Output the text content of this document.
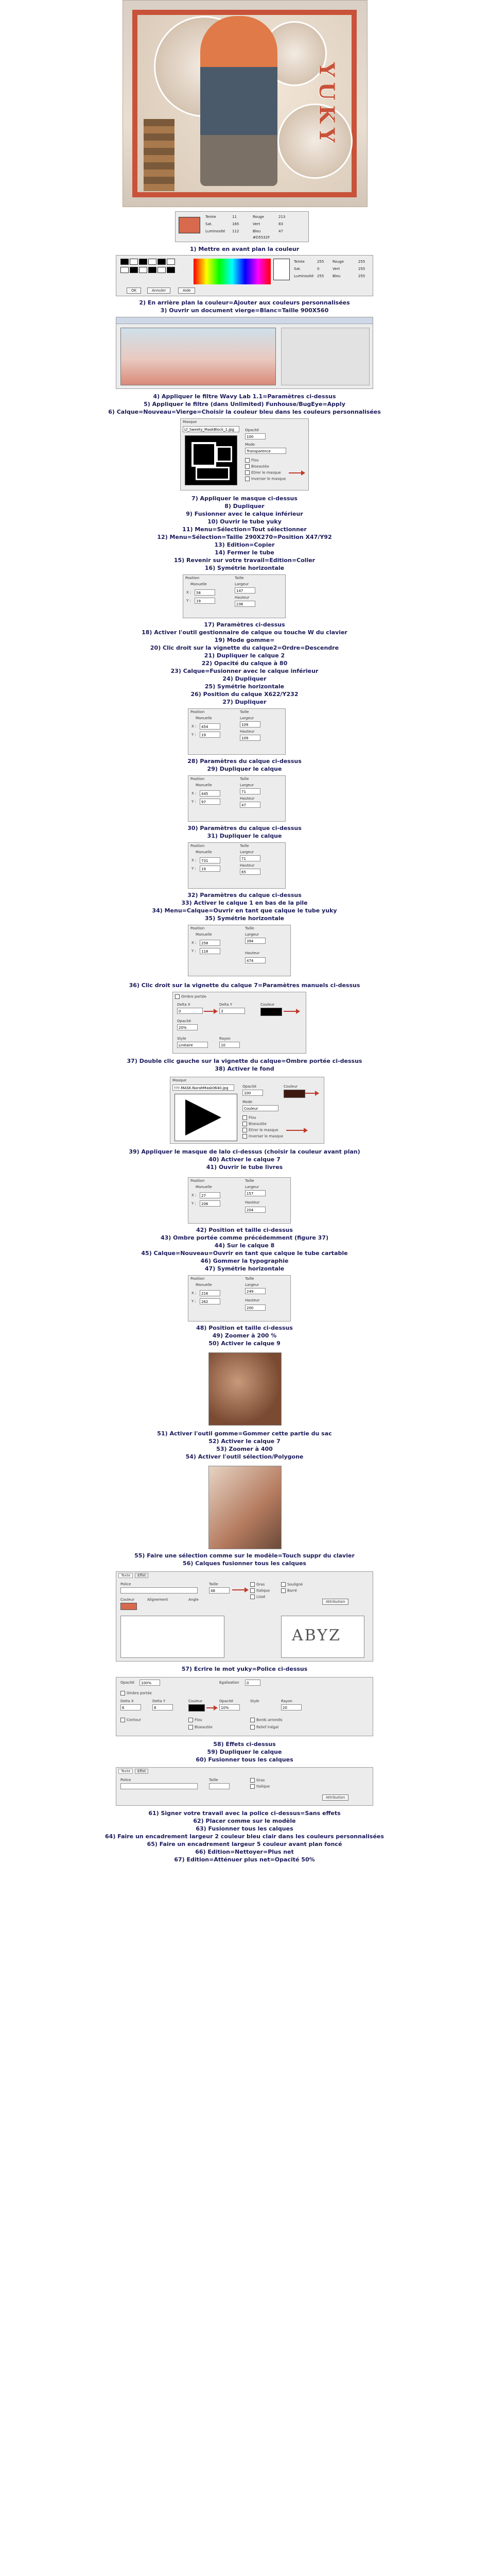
YUKY
Teinte	11
Sat.	165
Luminosité 112
Rouge	213
Vert	83
Bleu	47
#D5532F
1) Mettre en avant plan la couleur
Teinte	255 Rouge	255
Sat.	0	Vert	255
Luminosité 255 Bleu	255
OK	Annuler	Aide
2) En arrière plan la couleur=Ajouter aux couleurs personnalisées
3) Ouvrir un document vierge=Blanc=Taille 900X560
4) Appliquer le filtre Wavy Lab 1.1=Paramètres ci-dessus
5) Appliquer le filtre (dans Unlimited) Funhouse/BugEye=Apply
6) Calque=Nouveau=Vierge=Choisir la couleur bleu dans les couleurs personnalisées
Masque
Lf_Sweety_MaskBlock_1.jpg	Opacité
100
Mode
Transparence
Flou
Biseautée
Etirer le masque
Inverser le masque
7) Appliquer le masque ci-dessus
8) Dupliquer
9) Fusionner avec le calque inférieur
10) Ouvrir le tube yuky
11) Menu=Sélection=Tout sélectionner
12) Menu=Sélection=Taille 290X270=Position X47/Y92
13) Edition=Copier
14) Fermer le tube
15) Revenir sur votre travail=Edition=Coller
16) Symétrie horizontale
Position
Manuelle
X :	58
Y :	19
Taille
Largeur
147
Hauteur
236
17) Paramètres ci-dessus
18) Activer l'outil gestionnaire de calque ou touche W du clavier
19) Mode gomme=
20) Clic droit sur la vignette du calque2=Ordre=Descendre
21) Dupliquer le calque 2
22) Opacité du calque à 80
23) Calque=Fusionner avec le calque inférieur
24) Dupliquer
25) Symétrie horizontale
26) Position du calque X622/Y232
27) Dupliquer
Position
Manuelle
X :	454
Y :	19
Taille
Largeur
109
Hauteur
109
28) Paramètres du calque ci-dessus
29) Dupliquer le calque
Position
Manuelle
X :	445
Y :	97
Taille
Largeur
71
Hauteur
47
30) Paramètres du calque ci-dessus
31) Dupliquer le calque
Position
Manuelle
X :	731
Y :	19
Taille
Largeur
71
Hauteur
65
32) Paramètres du calque ci-dessus
33) Activer le calque 1 en bas de la pile
34) Menu=Calque=Ouvrir en tant que calque le tube yuky
35) Symétrie horizontale
Position
Manuelle
X :	258
Y :	118
Taille
Largeur
394
Hauteur
474
36) Clic droit sur la vignette du calque 7=Paramètres manuels ci-dessus
Ombre portée
Delta X
0
Delta Y
3
Couleur
Opacité
20%
Style
Linéaire
Rayon
10
37) Double clic gauche sur la vignette du calque=Ombre portée ci-dessus
38) Activer le fond
Masque
!!!!.MASK.NarahMask0640.jpg	Opacité
100
Couleur
Mode
Couleur
Flou
Biseautée
Etirer le masque
Inverser le masque
39) Appliquer le masque de lalo ci-dessus (choisir la couleur avant plan)
40) Activer le calque 7
41) Ouvrir le tube livres
Position
Manuelle
X :	27
Y :	206
Taille
Largeur
157
Hauteur
204
42) Position et taille ci-dessus
43) Ombre portée comme précédemment (figure 37)
44) Sur le calque 8
45) Calque=Nouveau=Ouvrir en tant que calque le tube cartable
46) Gommer la typographie
47) Symétrie horizontale
Position
Manuelle
X :	216
Y :	262
Taille
Largeur
249
Hauteur
200
48) Position et taille ci-dessus
49) Zoomer à 200 %
50) Activer le calque 9
51) Activer l'outil gomme=Gommer cette partie du sac
52) Activer le calque 7
53) Zoomer à 400
54) Activer l'outil sélection/Polygone
55) Faire une sélection comme sur le modèle=Touch suppr du clavier
56) Calques fusionner tous les calques
Texte	Effet
Police	Taille
48
Couleur	Alignement	Angle
Gras
Italique
Souligné
Barré
Lissé
Attribution
ABYZ
57) Ecrire le mot yuky=Police ci-dessus
Opacité	100%	Egalisation	0
Ombre portée
Delta X
6
Delta Y
8
Couleur	Opacité
10%
Style	Rayon
20
Contour	Flou	Bords arrondis
Biseautée	Relief inégal
58) Effets ci-dessus
59) Dupliquer le calque
60) Fusionner tous les calques
Texte	Effet
Police	Taille	Gras
Italique
Attribution
61) Signer votre travail avec la police ci-dessus=Sans effets
62) Placer comme sur le modèle
63) Fusionner tous les calques
64) Faire un encadrement largeur 2 couleur bleu clair dans les couleurs personnalisées
65) Faire un encadrement largeur 5 couleur avant plan foncé
66) Edition=Nettoyer=Plus net
67) Edition=Atténuer plus net=Opacité 50%
